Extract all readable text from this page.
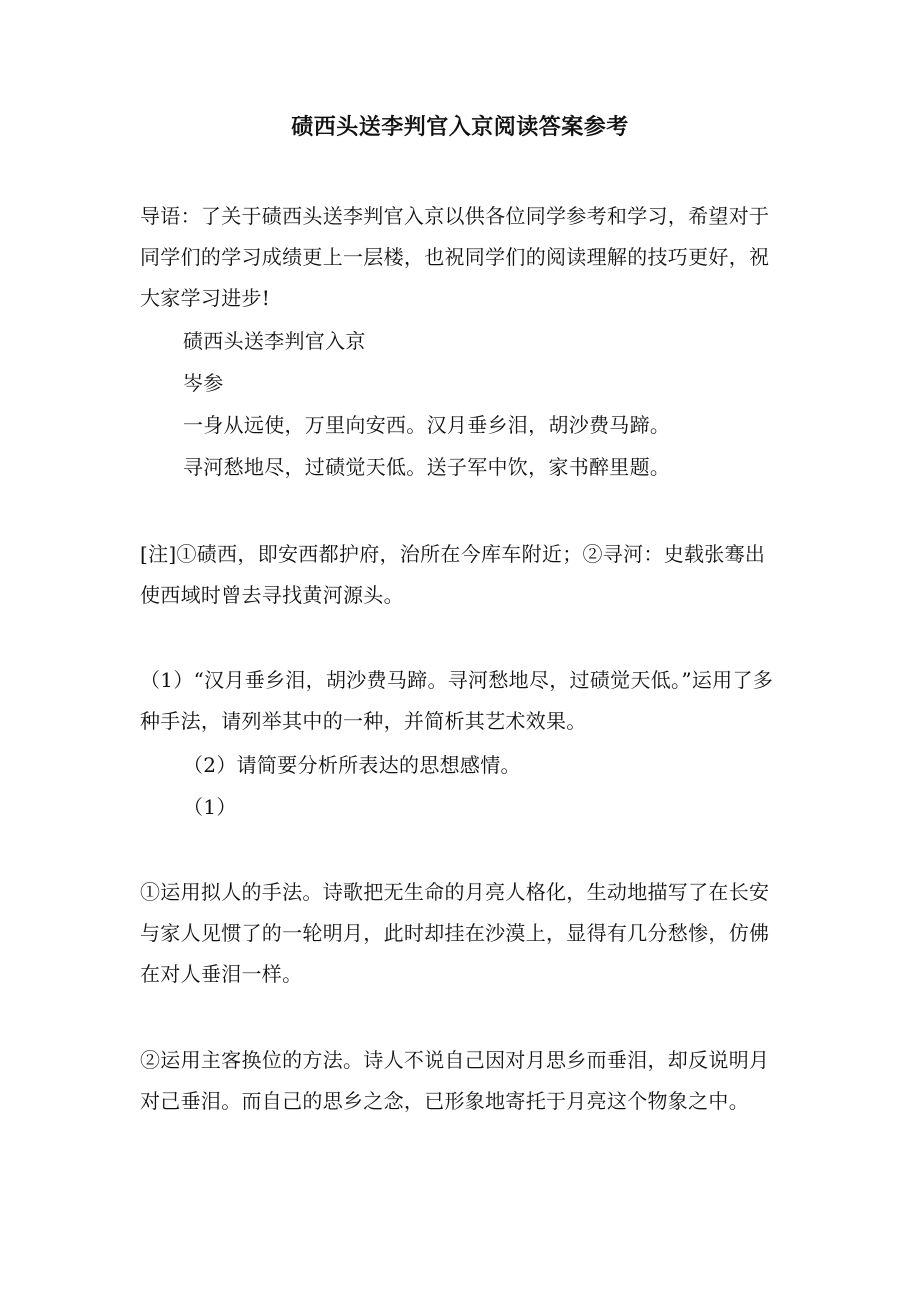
碛西头送李判官入京阅读答案参考
导语：了关于碛西头送李判官入京以供各位同学参考和学习，希望对于同学们的学习成绩更上一层楼，也祝同学们的阅读理解的技巧更好，祝大家学习进步!
碛西头送李判官入京
岑参
一身从远使，万里向安西。汉月垂乡泪，胡沙费马蹄。
寻河愁地尽，过碛觉天低。送子军中饮，家书醉里题。
[注]①碛西，即安西都护府，治所在今库车附近；②寻河：史载张骞出使西域时曾去寻找黄河源头。
（1）“汉月垂乡泪，胡沙费马蹄。寻河愁地尽，过碛觉天低。”运用了多种手法，请列举其中的一种，并简析其艺术效果。
（2）请简要分析所表达的思想感情。
（1）
①运用拟人的手法。诗歌把无生命的月亮人格化，生动地描写了在长安与家人见惯了的一轮明月，此时却挂在沙漠上，显得有几分愁惨，仿佛在对人垂泪一样。
②运用主客换位的方法。诗人不说自己因对月思乡而垂泪，却反说明月对己垂泪。而自己的思乡之念，已形象地寄托于月亮这个物象之中。
